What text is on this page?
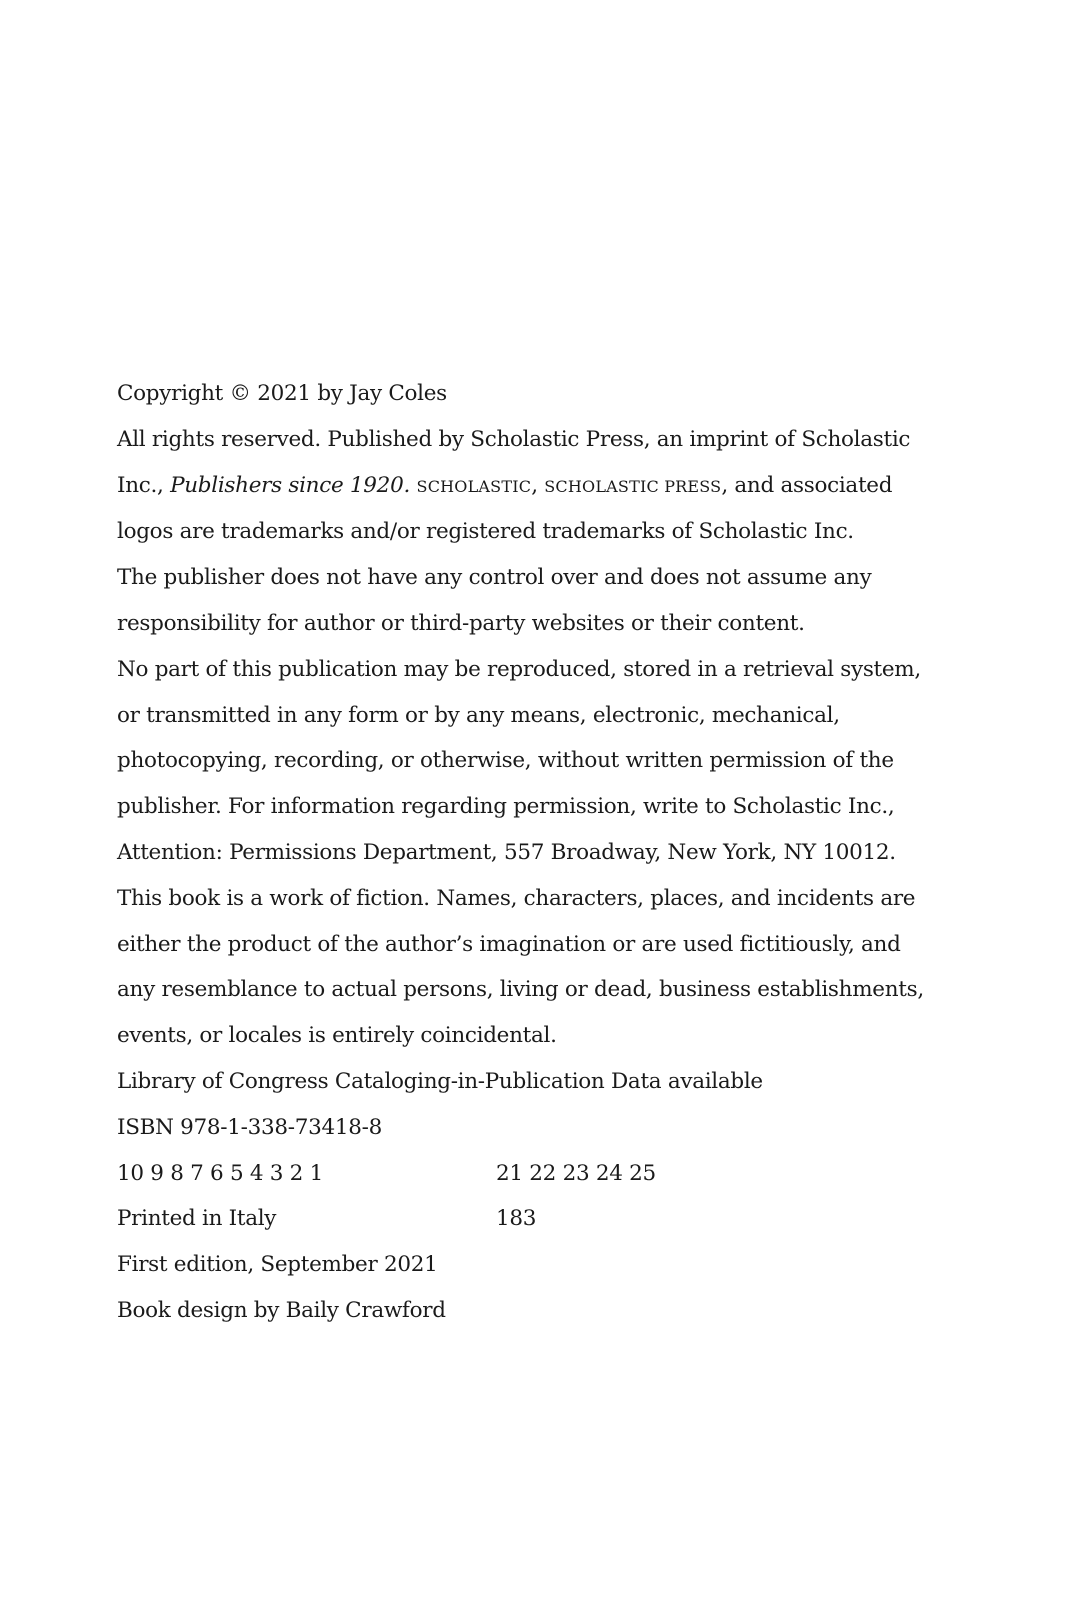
Copyright © 2021 by Jay Coles
All rights reserved. Published by Scholastic Press, an imprint of Scholastic
Inc., Publishers since 1920. SCHOLASTIC, SCHOLASTIC PRESS, and associated
logos are trademarks and/or registered trademarks of Scholastic Inc.
The publisher does not have any control over and does not assume any
responsibility for author or third-party websites or their content.
No part of this publication may be reproduced, stored in a retrieval system,
or transmitted in any form or by any means, electronic, mechanical,
photocopying, recording, or otherwise, without written permission of the
publisher. For information regarding permission, write to Scholastic Inc.,
Attention: Permissions Department, 557 Broadway, New York, NY 10012.
This book is a work of fiction. Names, characters, places, and incidents are
either the product of the author’s imagination or are used fictitiously, and
any resemblance to actual persons, living or dead, business establishments,
events, or locales is entirely coincidental.
Library of Congress Cataloging-in-Publication Data available
ISBN 978-1-338-73418-8
10 9 8 7 6 5 4 3 2 1	21 22 23 24 25
Printed in Italy	183
First edition, September 2021
Book design by Baily Crawford
